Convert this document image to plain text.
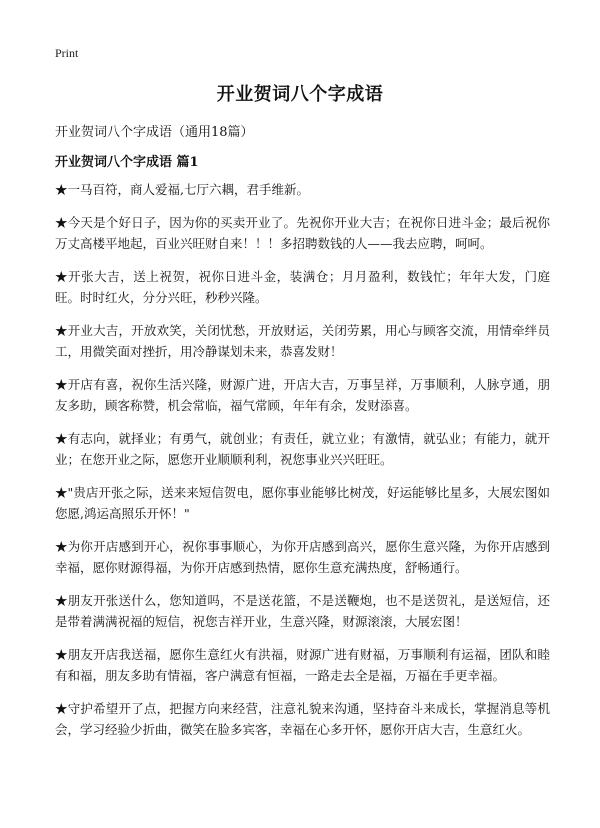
Print
开业贺词八个字成语
开业贺词八个字成语（通用18篇）
开业贺词八个字成语 篇1

★一马百符，商人爱福,七厅六耦，君手维新。

★今天是个好日子，因为你的买卖开业了。先祝你开业大吉；在祝你日进斗金；最后祝你万丈高楼平地起，百业兴旺财自来！！！多招聘数钱的人——我去应聘，呵呵。

★开张大吉，送上祝贺，祝你日进斗金，装满仓；月月盈利，数钱忙；年年大发，门庭旺。时时红火，分分兴旺，秒秒兴隆。

★开业大吉，开放欢笑，关闭忧愁，开放财运，关闭劳累，用心与顾客交流，用情牵绊员工，用微笑面对挫折，用冷静谋划未来，恭喜发财！

★开店有喜，祝你生活兴隆，财源广进，开店大吉，万事呈祥，万事顺利，人脉亨通，朋友多助，顾客称赞，机会常临，福气常顾，年年有余，发财添喜。

★有志向，就择业；有勇气，就创业；有责任，就立业；有激情，就弘业；有能力，就开业；在您开业之际，愿您开业顺顺利利，祝您事业兴兴旺旺。

★"贵店开张之际，送来来短信贺电，愿你事业能够比树茂，好运能够比星多，大展宏图如您愿,鸿运高照乐开怀！"

★为你开店感到开心，祝你事事顺心，为你开店感到高兴，愿你生意兴隆，为你开店感到幸福，愿你财源得福，为你开店感到热情，愿你生意充满热度，舒畅通行。

★朋友开张送什么，您知道吗，不是送花篮，不是送鞭炮，也不是送贺礼，是送短信，还是带着满满祝福的短信，祝您吉祥开业，生意兴隆，财源滚滚，大展宏图！

★朋友开店我送福，愿你生意红火有洪福，财源广进有财福，万事顺利有运福，团队和睦有和福，朋友多助有情福，客户满意有恒福，一路走去全是福，万福在手更幸福。

★守护希望开了点，把握方向来经营，注意礼貌来沟通，坚持奋斗来成长，掌握消息等机会，学习经验少折曲，微笑在脸多宾客，幸福在心多开怀，愿你开店大吉，生意红火。
